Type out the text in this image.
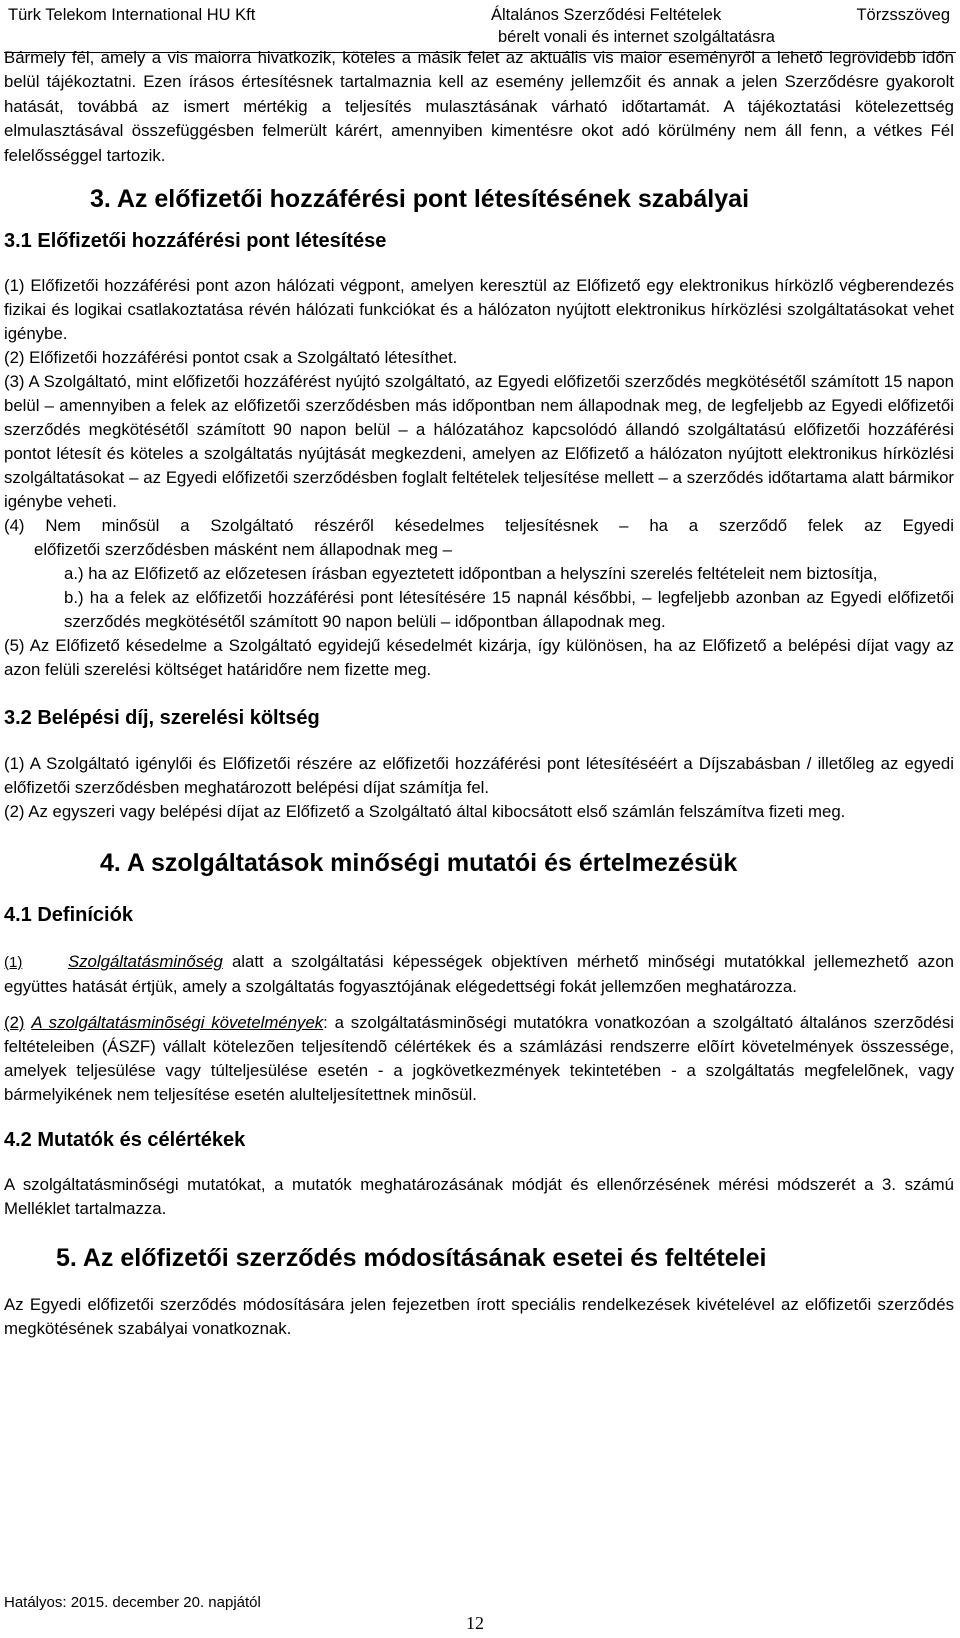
Türk Telekom International HU Kft	Általános Szerződési Feltételek	Törzsszöveg
bérelt vonali és internet szolgáltatásra

Bármely fél, amely a vis maiorra hivatkozik, köteles a másik felet az aktuális vis maior eseményről a lehető legrövidebb időn belül tájékoztatni. Ezen írásos értesítésnek tartalmaznia kell az esemény jellemzőit és annak a jelen Szerződésre gyakorolt hatását, továbbá az ismert mértékig a teljesítés mulasztásának várható időtartamát. A tájékoztatási kötelezettség elmulasztásával összefüggésben felmerült kárért, amennyiben kimentésre okot adó körülmény nem áll fenn, a vétkes Fél felelősséggel tartozik.

3. Az előfizetői hozzáférési pont létesítésének szabályai

3.1 Előfizetői hozzáférési pont létesítése

(1) Előfizetői hozzáférési pont azon hálózati végpont, amelyen keresztül az Előfizető egy elektronikus hírközlő végberendezés fizikai és logikai csatlakoztatása révén hálózati funkciókat és a hálózaton nyújtott elektronikus hírközlési szolgáltatásokat vehet igénybe.

(2) Előfizetői hozzáférési pontot csak a Szolgáltató létesíthet.

(3) A Szolgáltató, mint előfizetői hozzáférést nyújtó szolgáltató, az Egyedi előfizetői szerződés megkötésétől számított 15 napon belül – amennyiben a felek az előfizetői szerződésben más időpontban nem állapodnak meg, de legfeljebb az Egyedi előfizetői szerződés megkötésétől számított 90 napon belül – a hálózatához kapcsolódó állandó szolgáltatású előfizetői hozzáférési pontot létesít és köteles a szolgáltatás nyújtását megkezdeni, amelyen az Előfizető a hálózaton nyújtott elektronikus hírközlési szolgáltatásokat – az Egyedi előfizetői szerződésben foglalt feltételek teljesítése mellett – a szerződés időtartama alatt bármikor igénybe veheti.

(4) Nem minősül a Szolgáltató részéről késedelmes teljesítésnek – ha a szerződő felek az Egyedi

előfizetői szerződésben másként nem állapodnak meg –

a.) ha az Előfizető az előzetesen írásban egyeztetett időpontban a helyszíni szerelés feltételeit nem biztosítja,

b.) ha a felek az előfizetői hozzáférési pont létesítésére 15 napnál későbbi, – legfeljebb azonban az Egyedi előfizetői szerződés megkötésétől számított 90 napon belüli – időpontban állapodnak meg.

(5) Az Előfizető késedelme a Szolgáltató egyidejű késedelmét kizárja, így különösen, ha az Előfizető a belépési díjat vagy az azon felüli szerelési költséget határidőre nem fizette meg.

3.2 Belépési díj, szerelési költség

(1) A Szolgáltató igénylői és Előfizetői részére az előfizetői hozzáférési pont létesítéséért a Díjszabásban / illetőleg az egyedi előfizetői szerződésben meghatározott belépési díjat számítja fel.

(2) Az egyszeri vagy belépési díjat az Előfizető a Szolgáltató által kibocsátott első számlán felszámítva fizeti meg.

4. A szolgáltatások minőségi mutatói és értelmezésük

4.1 Definíciók

(1)	Szolgáltatásminőség alatt a szolgáltatási képességek objektíven mérhető minőségi mutatókkal jellemezhető azon együttes hatását értjük, amely a szolgáltatás fogyasztójának elégedettségi fokát jellemzően meghatározza.

(2) A szolgáltatásminõségi követelmények: a szolgáltatásminõségi mutatókra vonatkozóan a szolgáltató általános szerzõdési feltételeiben (ÁSZF) vállalt kötelezõen teljesítendõ célértékek és a számlázási rendszerre elõírt követelmények összessége, amelyek teljesülése vagy túlteljesülése esetén - a jogkövetkezmények tekintetében - a szolgáltatás megfelelõnek, vagy bármelyikének nem teljesítése esetén alulteljesítettnek minõsül.

4.2 Mutatók és célértékek

A szolgáltatásminőségi mutatókat, a mutatók meghatározásának módját és ellenőrzésének mérési módszerét a 3. számú Melléklet tartalmazza.

5. Az előfizetői szerződés módosításának esetei és feltételei

Az Egyedi előfizetői szerződés módosítására jelen fejezetben írott speciális rendelkezések kivételével az előfizetői szerződés megkötésének szabályai vonatkoznak.

Hatályos: 2015. december 20. napjától
12
